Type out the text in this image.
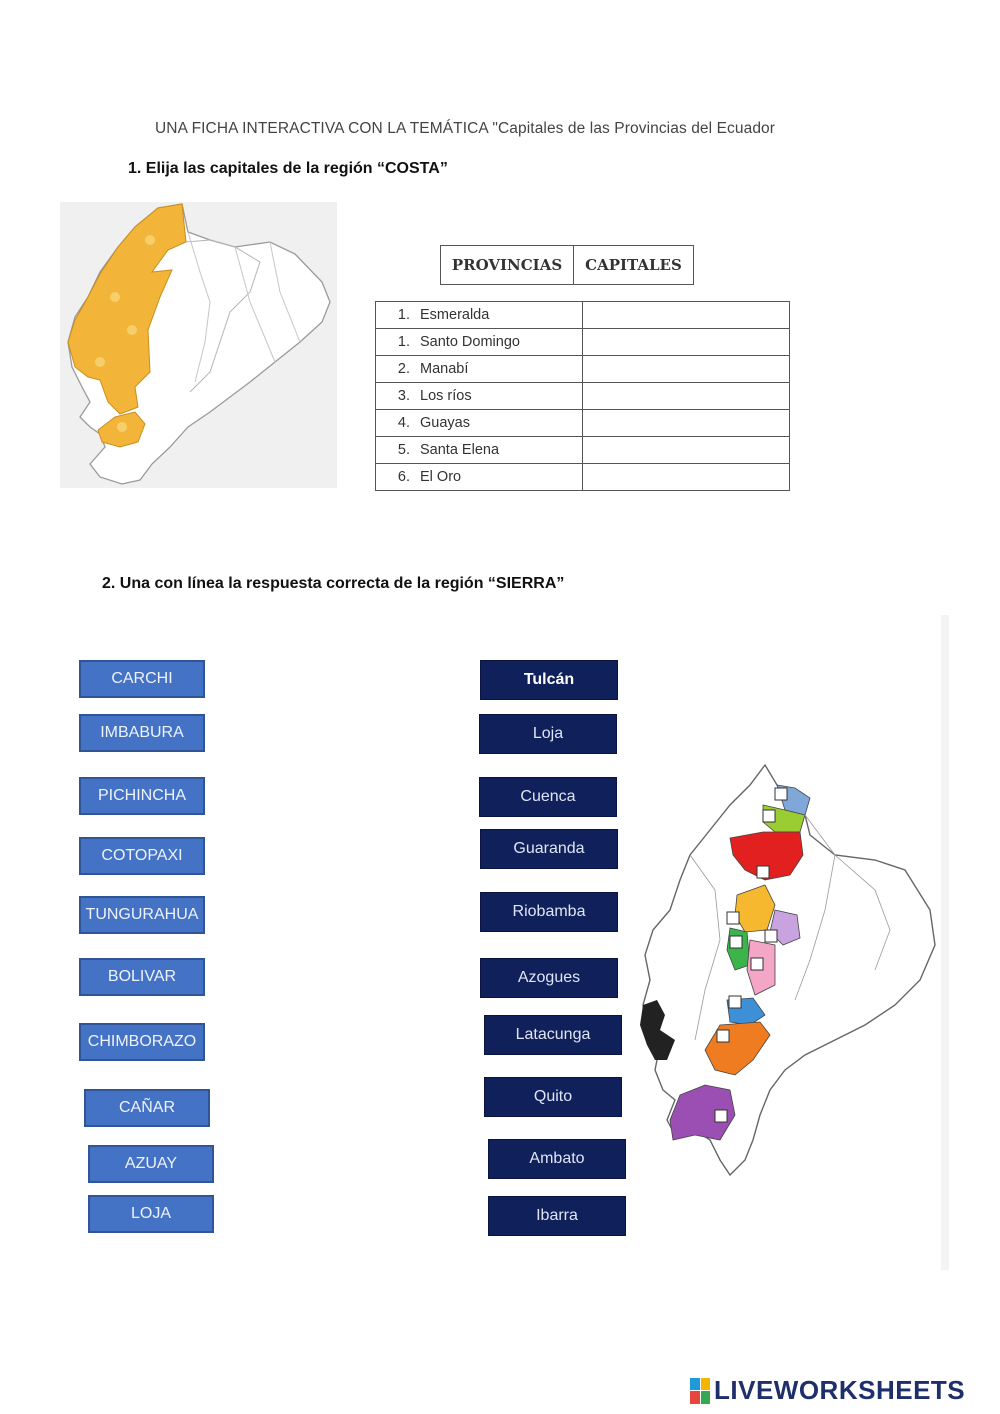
UNA FICHA INTERACTIVA CON LA TEMÁTICA "Capitales de las Provincias del Ecuador
1. Elija las capitales de la región “COSTA”
PROVINCIAS	CAPITALES
1. Esmeralda	
1. Santo Domingo	
2. Manabí	
3. Los ríos	
4. Guayas	
5. Santa Elena	
6. El Oro	
2. Una con línea la respuesta correcta de la región “SIERRA”
CARCHI
IMBABURA
PICHINCHA
COTOPAXI
TUNGURAHUA
BOLIVAR
CHIMBORAZO
CAÑAR
AZUAY
LOJA
Tulcán
Loja
Cuenca
Guaranda
Riobamba
Azogues
Latacunga
Quito
Ambato
Ibarra
LIVEWORKSHEETS
